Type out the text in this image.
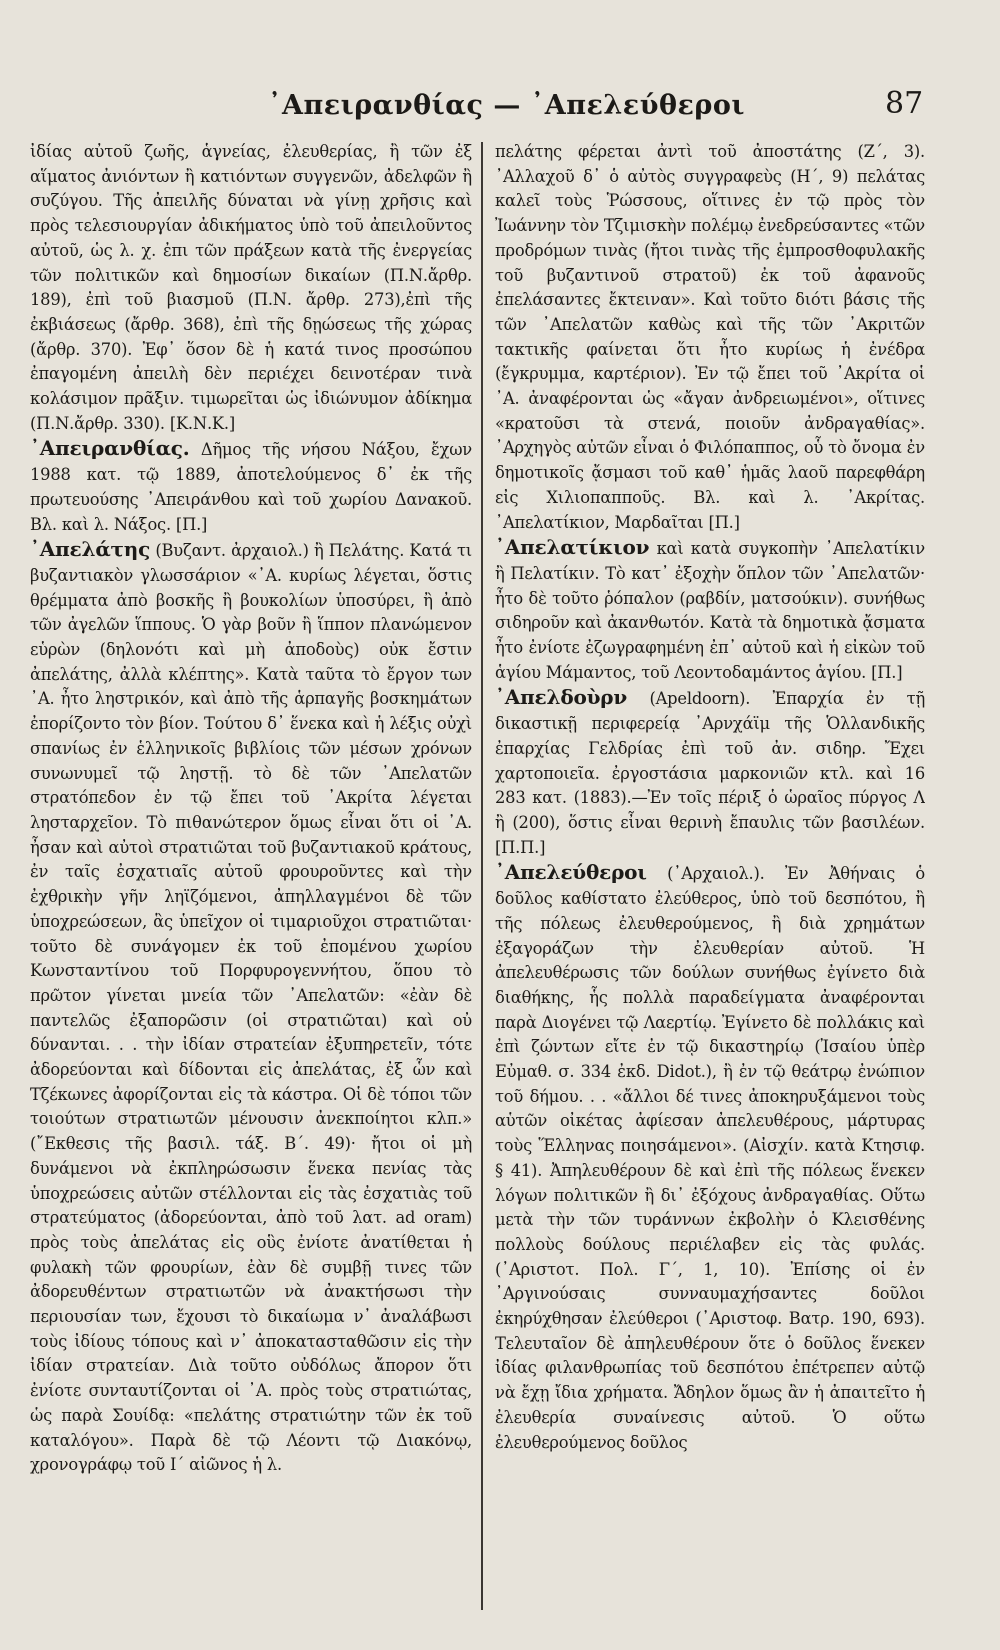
᾿Απειρανθίας — ᾿Απελεύθεροι	87

ἰδίας αὐτοῦ ζωῆς, ἁγνείας, ἐλευθερίας, ἢ τῶν ἐξ αἵματος ἀνιόντων ἢ κατιόντων συγγενῶν, ἀδελφῶν ἢ συζύγου. Τῆς ἀπειλῆς δύναται νὰ γίνῃ χρῆσις καὶ πρὸς τελεσιουργίαν ἀδικήματος ὑπὸ τοῦ ἀπειλοῦντος αὐτοῦ, ὡς λ. χ. ἐπι τῶν πράξεων κατὰ τῆς ἐνεργείας τῶν πολιτικῶν καὶ δημοσίων δικαίων (Π.Ν.ἄρθρ. 189), ἐπὶ τοῦ βιασμοῦ (Π.Ν. ἄρθρ. 273),ἐπὶ τῆς ἐκβιάσεως (ἄρθρ. 368), ἐπὶ τῆς δῃώσεως τῆς χώρας (ἄρθρ. 370). Ἐφ᾿ ὅσον δὲ ἡ κατά τινος προσώπου ἐπαγομένη ἀπειλὴ δὲν περιέχει δεινοτέραν τινὰ κολάσιμον πρᾶξιν. τιμωρεῖται ὡς ἰδιώνυμον ἀδίκημα (Π.Ν.ἄρθρ. 330). [Κ.Ν.Κ.]

᾿Απειρανθίας. Δῆμος τῆς νήσου Νάξου, ἔχων 1988 κατ. τῷ 1889, ἀποτελούμενος δ᾿ ἐκ τῆς πρωτευούσης ᾿Απειράνθου καὶ τοῦ χωρίου Δανακοῦ. Βλ. καὶ λ. Νάξος. [Π.]

᾿Απελάτης (Βυζαντ. ἀρχαιολ.) ἢ Πελάτης. Κατά τι βυζαντιακὸν γλωσσάριον «᾿Α. κυρίως λέγεται, ὅστις θρέμματα ἀπὸ βοσκῆς ἢ βουκολίων ὑποσύρει, ἢ ἀπὸ τῶν ἀγελῶν ἵππους. Ὁ γὰρ βοῦν ἢ ἵππον πλανώμενον εὑρὼν (δηλονότι καὶ μὴ ἀποδοὺς) οὐκ ἔστιν ἀπελάτης, ἀλλὰ κλέπτης». Κατὰ ταῦτα τὸ ἔργον των ᾿Α. ἦτο ληστρικόν, καὶ ἀπὸ τῆς ἁρπαγῆς βοσκημάτων ἐπορίζοντο τὸν βίον. Τούτου δ᾿ ἕνεκα καὶ ἡ λέξις οὐχὶ σπανίως ἐν ἑλληνικοῖς βιβλίοις τῶν μέσων χρόνων συνωνυμεῖ τῷ ληστῇ. τὸ δὲ τῶν ᾿Απελατῶν στρατόπεδον ἐν τῷ ἔπει τοῦ ᾿Ακρίτα λέγεται λησταρχεῖον. Τὸ πιθανώτερον ὅμως εἶναι ὅτι οἱ ᾿Α. ἦσαν καὶ αὐτοὶ στρατιῶται τοῦ βυζαντιακοῦ κράτους, ἐν ταῖς ἐσχατιαῖς αὐτοῦ φρουροῦντες καὶ τὴν ἐχθρικὴν γῆν ληϊζόμενοι, ἀπηλλαγμένοι δὲ τῶν ὑποχρεώσεων, ἃς ὑπεῖχον οἱ τιμαριοῦχοι στρατιῶται· τοῦτο δὲ συνάγομεν ἐκ τοῦ ἐπομένου χωρίου Κωνσταντίνου τοῦ Πορφυρογεννήτου, ὅπου τὸ πρῶτον γίνεται μνεία τῶν ᾿Απελατῶν: «ἐὰν δὲ παντελῶς ἐξαπορῶσιν (οἱ στρατιῶται) καὶ οὐ δύνανται. . . τὴν ἰδίαν στρατείαν ἐξυπηρετεῖν, τότε ἀδορεύονται καὶ δίδονται εἰς ἀπελάτας, ἐξ ὧν καὶ Τζέκωνες ἀφορίζονται εἰς τὰ κάστρα. Οἱ δὲ τόποι τῶν τοιούτων στρατιωτῶν μένουσιν ἀνεκποίητοι κλπ.» (῎Εκθεσις τῆς βασιλ. τάξ. Β΄. 49)· ἤτοι οἱ μὴ δυνάμενοι νὰ ἐκπληρώσωσιν ἕνεκα πενίας τὰς ὑποχρεώσεις αὐτῶν στέλλονται εἰς τὰς ἐσχατιὰς τοῦ στρατεύματος (ἀδορεύονται, ἀπὸ τοῦ λατ. ad oram) πρὸς τοὺς ἀπελάτας εἰς οὓς ἐνίοτε ἀνατίθεται ἡ φυλακὴ τῶν φρουρίων, ἐὰν δὲ συμβῇ τινες τῶν ἀδορευθέντων στρατιωτῶν νὰ ἀνακτήσωσι τὴν περιουσίαν των, ἔχουσι τὸ δικαίωμα ν᾿ ἀναλάβωσι τοὺς ἰδίους τόπους καὶ ν᾿ ἀποκατασταθῶσιν εἰς τὴν ἰδίαν στρατείαν. Διὰ τοῦτο οὐδόλως ἄπορον ὅτι ἐνίοτε συνταυτίζονται οἱ ᾿Α. πρὸς τοὺς στρατιώτας, ὡς παρὰ Σουίδᾳ: «πελάτης στρατιώτην τῶν ἐκ τοῦ καταλόγου». Παρὰ δὲ τῷ Λέοντι τῷ Διακόνῳ, χρονογράφῳ τοῦ Ι΄ αἰῶνος ἡ λ.

πελάτης φέρεται ἀντὶ τοῦ ἀποστάτης (Ζ΄, 3). ᾿Αλλαχοῦ δ᾿ ὁ αὐτὸς συγγραφεὺς (Η΄, 9) πελάτας καλεῖ τοὺς Ῥώσσους, οἵτινες ἐν τῷ πρὸς τὸν Ἰωάννην τὸν Τζιμισκὴν πολέμῳ ἐνεδρεύσαντες «τῶν προδρόμων τινὰς (ἤτοι τινὰς τῆς ἐμπροσθοφυλακῆς τοῦ βυζαντινοῦ στρατοῦ) ἐκ τοῦ ἀφανοῦς ἐπελάσαντες ἔκτειναν». Καὶ τοῦτο διότι βάσις τῆς τῶν ᾿Απελατῶν καθὼς καὶ τῆς τῶν ᾿Ακριτῶν τακτικῆς φαίνεται ὅτι ἦτο κυρίως ἡ ἐνέδρα (ἔγκρυμμα, καρτέριον). Ἐν τῷ ἔπει τοῦ ᾿Ακρίτα οἱ ᾿Α. ἀναφέρονται ὡς «ἄγαν ἀνδρειωμένοι», οἵτινες «κρατοῦσι τὰ στενά, ποιοῦν ἀνδραγαθίας». ᾿Αρχηγὸς αὐτῶν εἶναι ὁ Φιλόπαππος, οὗ τὸ ὄνομα ἐν δημοτικοῖς ᾄσμασι τοῦ καθ᾿ ἡμᾶς λαοῦ παρεφθάρη εἰς Χιλιοπαπποῦς. Βλ. καὶ λ. ᾿Ακρίτας. ᾿Απελατίκιον, Μαρδαῖται [Π.]

᾿Απελατίκιον καὶ κατὰ συγκοπὴν ᾿Απελατίκιν ἢ Πελατίκιν. Τὸ κατ᾿ ἐξοχὴν ὅπλον τῶν ᾿Απελατῶν· ἦτο δὲ τοῦτο ῥόπαλον (ραβδίν, ματσούκιν). συνήθως σιδηροῦν καὶ ἀκανθωτόν. Κατὰ τὰ δημοτικὰ ᾄσματα ἦτο ἐνίοτε ἐζωγραφημένη ἐπ᾿ αὐτοῦ καὶ ἡ εἰκὼν τοῦ ἁγίου Μάμαντος, τοῦ Λεοντοδαμάντος ἁγίου. [Π.]

᾿Απελδοὺρν (Apeldoorn). Ἐπαρχία ἐν τῇ δικαστικῇ περιφερείᾳ ᾿Αρνχάϊμ τῆς Ὁλλανδικῆς ἐπαρχίας Γελδρίας ἐπὶ τοῦ ἀν. σιδηρ. Ἔχει χαρτοποιεῖα. ἐργοστάσια μαρκονιῶν κτλ. καὶ 16 283 κατ. (1883).—Ἐν τοῖς πέριξ ὁ ὡραῖος πύργος Λ ἢ (200), ὅστις εἶναι θερινὴ ἔπαυλις τῶν βασιλέων. [Π.Π.]

᾿Απελεύθεροι (᾿Αρχαιολ.). Ἐν Ἀθήναις ὁ δοῦλος καθίστατο ἐλεύθερος, ὑπὸ τοῦ δεσπότου, ἢ τῆς πόλεως ἐλευθερούμενος, ἢ διὰ χρημάτων ἐξαγοράζων τὴν ἐλευθερίαν αὐτοῦ. Ἡ ἀπελευθέρωσις τῶν δούλων συνήθως ἐγίνετο διὰ διαθήκης, ἧς πολλὰ παραδείγματα ἀναφέρονται παρὰ Διογένει τῷ Λαερτίῳ. Ἐγίνετο δὲ πολλάκις καὶ ἐπὶ ζώντων εἴτε ἐν τῷ δικαστηρίῳ (Ἰσαίου ὑπὲρ Εὐμαθ. σ. 334 ἐκδ. Didot.), ἢ ἐν τῷ θεάτρῳ ἐνώπιον τοῦ δήμου. . . «ἄλλοι δέ τινες ἀποκηρυξάμενοι τοὺς αὑτῶν οἰκέτας ἀφίεσαν ἀπελευθέρους, μάρτυρας τοὺς Ἕλληνας ποιησάμενοι». (Αἰσχίν. κατὰ Κτησιφ. § 41). Ἀπηλευθέρουν δὲ καὶ ἐπὶ τῆς πόλεως ἕνεκεν λόγων πολιτικῶν ἢ δι᾿ ἐξόχους ἀνδραγαθίας. Οὕτω μετὰ τὴν τῶν τυράννων ἐκβολὴν ὁ Κλεισθένης πολλοὺς δούλους περιέλαβεν εἰς τὰς φυλάς. (᾿Αριστοτ. Πολ. Γ΄, 1, 10). Ἐπίσης οἱ ἐν ᾿Αργινούσαις συνναυμαχήσαντες δοῦλοι ἐκηρύχθησαν ἐλεύθεροι (᾿Αριστοφ. Βατρ. 190, 693). Τελευταῖον δὲ ἀπηλευθέρουν ὅτε ὁ δοῦλος ἕνεκεν ἰδίας φιλανθρωπίας τοῦ δεσπότου ἐπέτρεπεν αὐτῷ νὰ ἔχῃ ἴδια χρήματα. Ἄδηλον ὅμως ἂν ἡ ἀπαιτεῖτο ἡ ἐλευθερία συναίνεσις αὐτοῦ. Ὁ οὕτω ἐλευθερούμενος δοῦλος
